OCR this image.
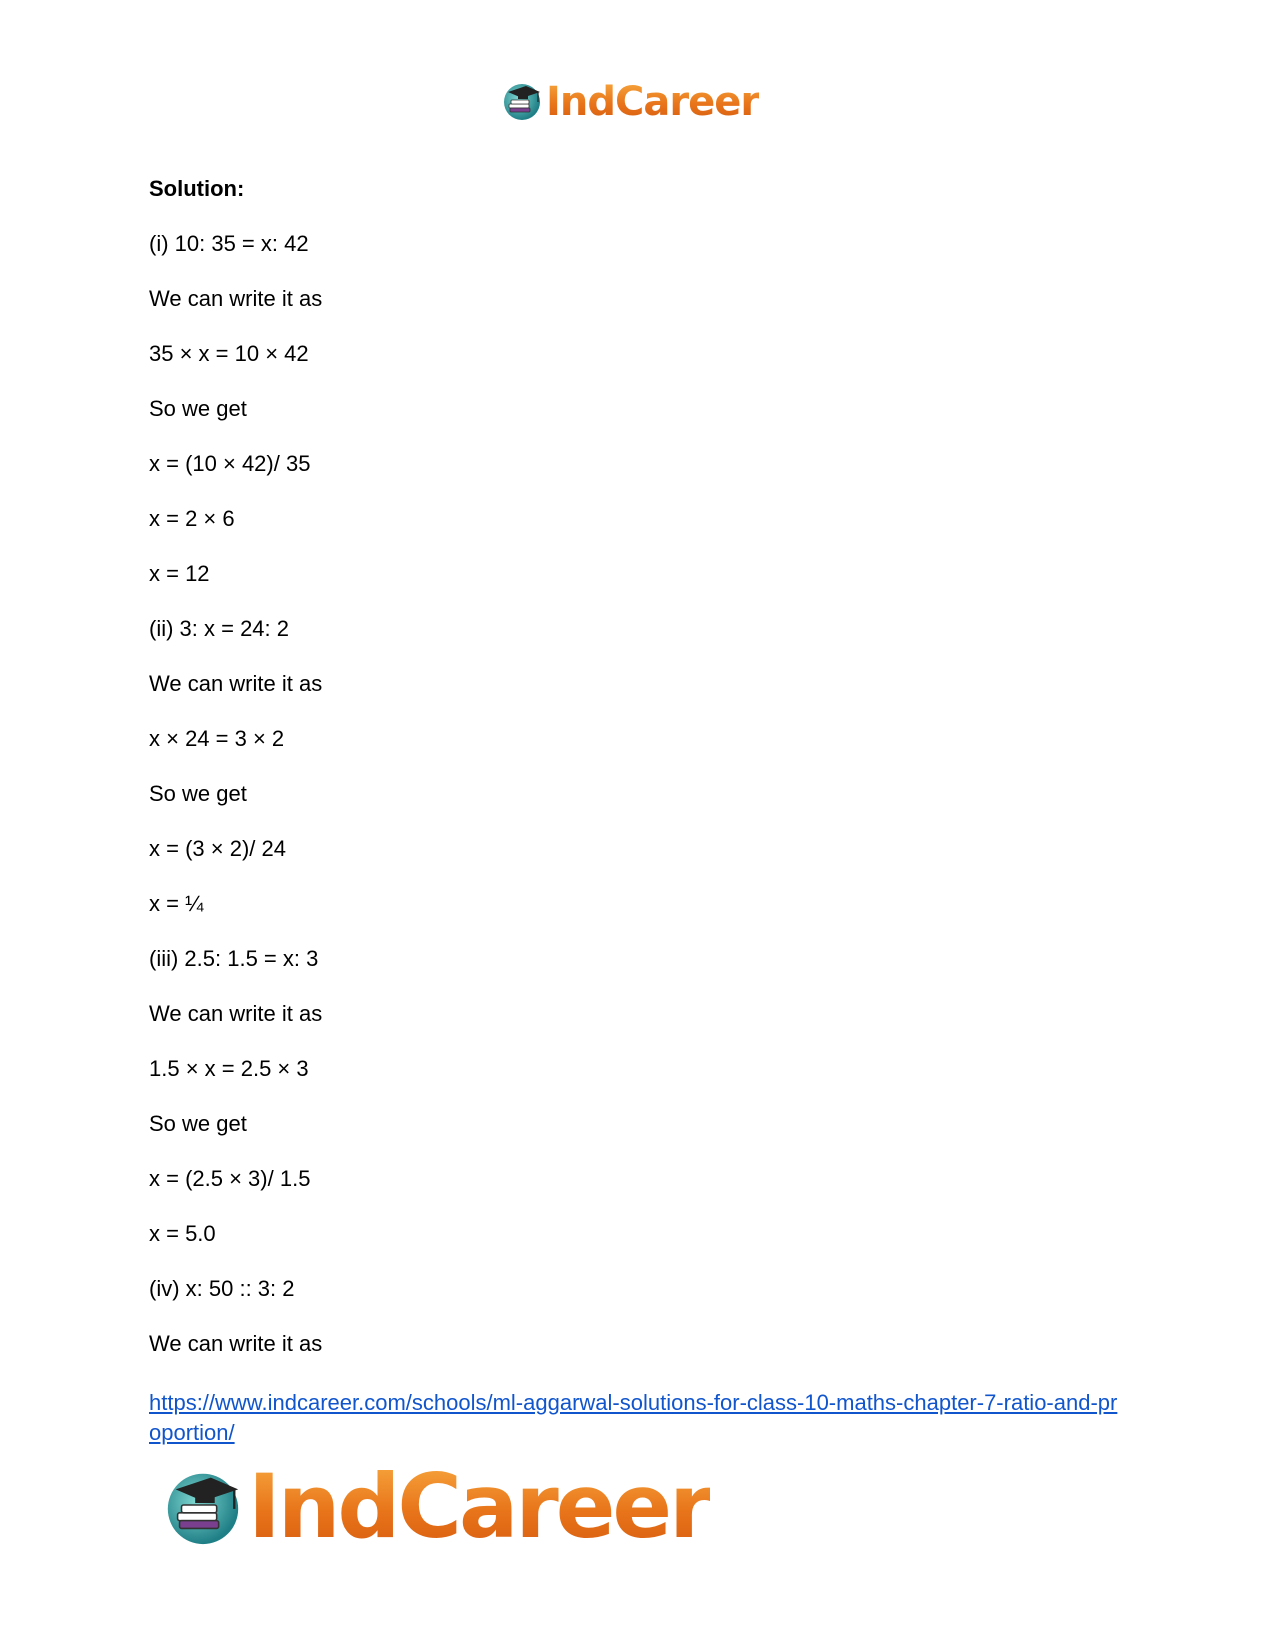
IndCareer
Solution:
(i) 10: 35 = x: 42
We can write it as
35 × x = 10 × 42
So we get
x = (10 × 42)/ 35
x = 2 × 6
x = 12
(ii) 3: x = 24: 2
We can write it as
x × 24 = 3 × 2
So we get
x = (3 × 2)/ 24
x = ¼
(iii) 2.5: 1.5 = x: 3
We can write it as
1.5 × x = 2.5 × 3
So we get
x = (2.5 × 3)/ 1.5
x = 5.0
(iv) x: 50 :: 3: 2
We can write it as
https://www.indcareer.com/schools/ml-aggarwal-solutions-for-class-10-maths-chapter-7-ratio-and-proportion/
IndCareer
